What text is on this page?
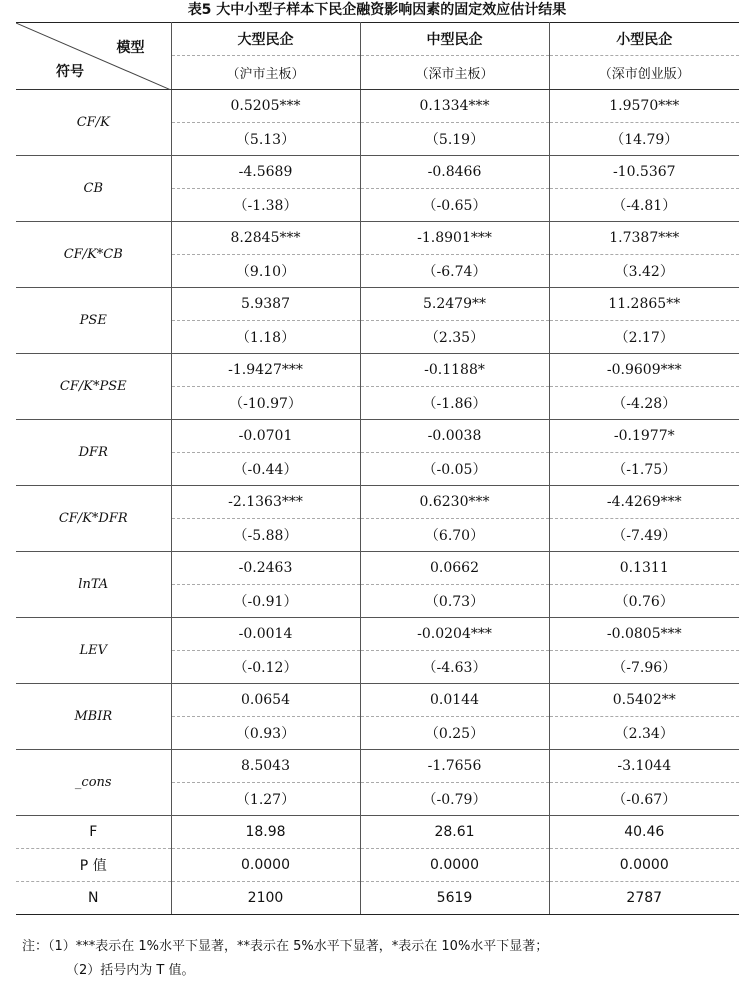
表5 大中小型子样本下民企融资影响因素的固定效应估计结果
模型
符号	大型民企	中型民企	小型民企
	（沪市主板）	（深市主板）	（深市创业版）
CF/K	0.5205***	0.1334***	1.9570***
	（5.13）	（5.19）	（14.79）
CB	-4.5689	-0.8466	-10.5367
	（-1.38）	（-0.65）	（-4.81）
CF/K*CB	8.2845***	-1.8901***	1.7387***
	（9.10）	（-6.74）	（3.42）
PSE	5.9387	5.2479**	11.2865**
	（1.18）	（2.35）	（2.17）
CF/K*PSE	-1.9427***	-0.1188*	-0.9609***
	（-10.97）	（-1.86）	（-4.28）
DFR	-0.0701	-0.0038	-0.1977*
	（-0.44）	（-0.05）	（-1.75）
CF/K*DFR	-2.1363***	0.6230***	-4.4269***
	（-5.88）	（6.70）	（-7.49）
lnTA	-0.2463	0.0662	0.1311
	（-0.91）	（0.73）	（0.76）
LEV	-0.0014	-0.0204***	-0.0805***
	（-0.12）	（-4.63）	（-7.96）
MBIR	0.0654	0.0144	0.5402**
	（0.93）	（0.25）	（2.34）
_cons	8.5043	-1.7656	-3.1044
	（1.27）	（-0.79）	（-0.67）
F	18.98	28.61	40.46
P 值	0.0000	0.0000	0.0000
N	2100	5619	2787
注：（1）***表示在 1%水平下显著，**表示在 5%水平下显著，*表示在 10%水平下显著；
（2）括号内为 T 值。
